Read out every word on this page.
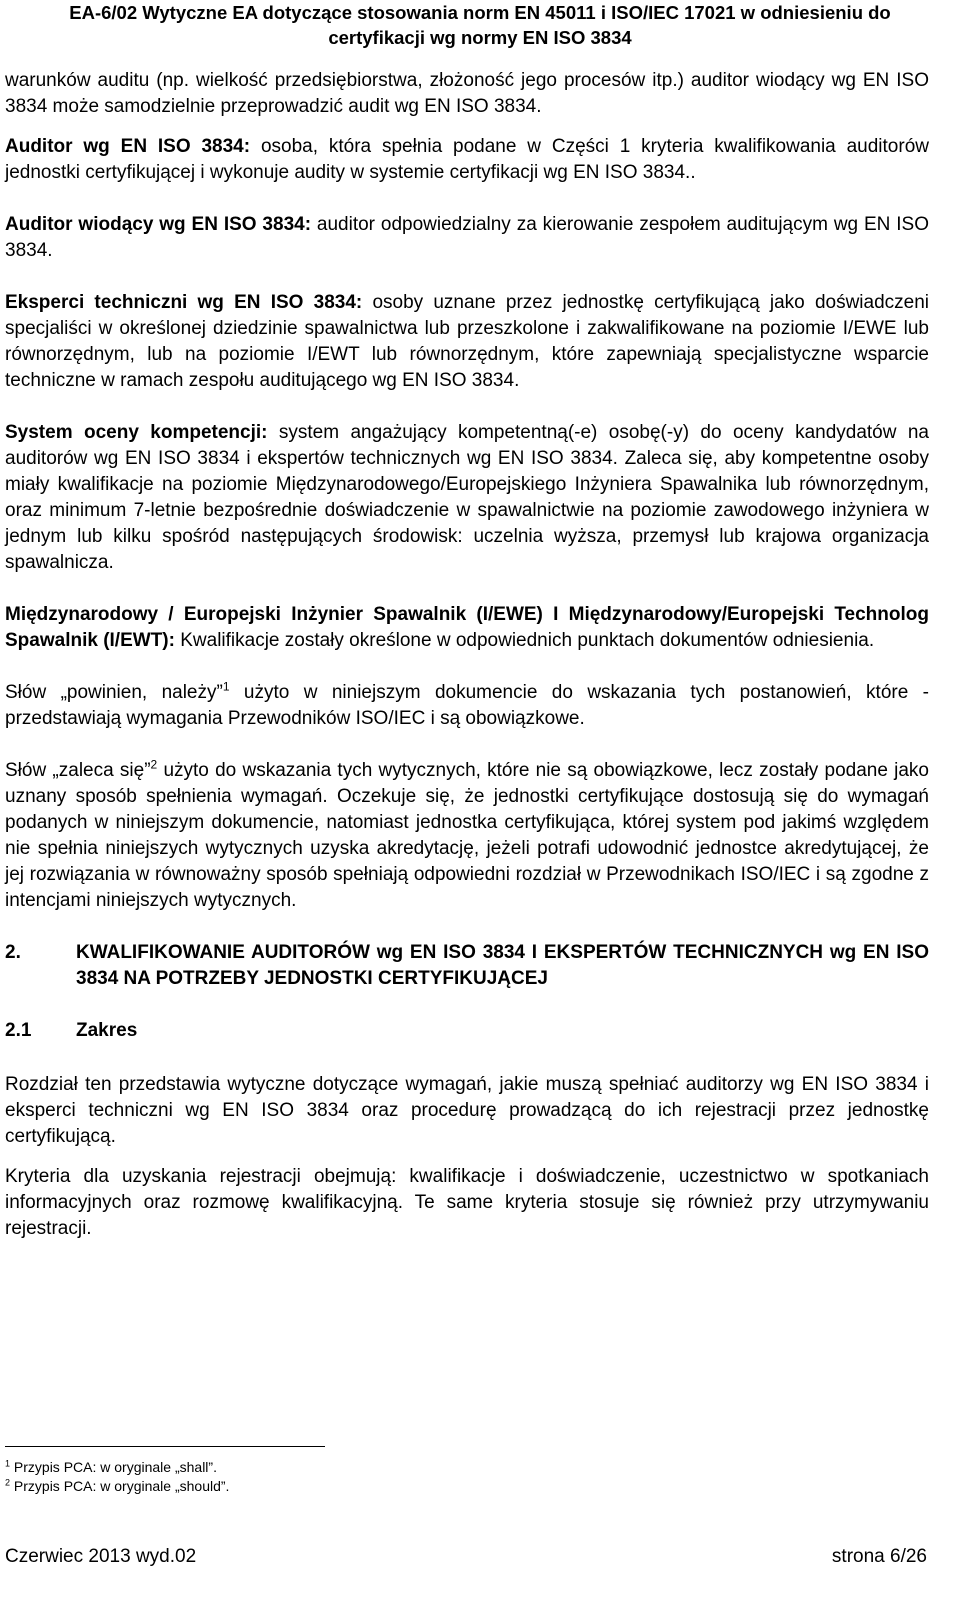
EA-6/02 Wytyczne EA dotyczące stosowania norm EN 45011 i ISO/IEC 17021 w odniesieniu do
certyfikacji wg normy EN ISO 3834

warunków auditu (np. wielkość przedsiębiorstwa, złożoność jego procesów itp.) auditor wiodący wg EN ISO 3834 może samodzielnie przeprowadzić audit wg EN ISO 3834.

Auditor wg EN ISO 3834: osoba, która spełnia podane w Części 1 kryteria kwalifikowania auditorów jednostki certyfikującej i wykonuje audity w systemie certyfikacji wg EN ISO 3834..

Auditor wiodący wg EN ISO 3834: auditor odpowiedzialny za kierowanie zespołem auditującym wg EN ISO 3834.

Eksperci techniczni wg EN ISO 3834: osoby uznane przez jednostkę certyfikującą jako doświadczeni specjaliści w określonej dziedzinie spawalnictwa lub przeszkolone i zakwalifikowane na poziomie I/EWE lub równorzędnym, lub na poziomie I/EWT lub równorzędnym, które zapewniają specjalistyczne wsparcie techniczne w ramach zespołu auditującego wg EN ISO 3834.

System oceny kompetencji: system angażujący kompetentną(-e) osobę(-y) do oceny kandydatów na auditorów wg EN ISO 3834 i ekspertów technicznych wg EN ISO 3834. Zaleca się, aby kompetentne osoby miały kwalifikacje na poziomie Międzynarodowego/Europejskiego Inżyniera Spawalnika lub równorzędnym, oraz minimum 7-letnie bezpośrednie doświadczenie w spawalnictwie na poziomie zawodowego inżyniera w jednym lub kilku spośród następujących środowisk: uczelnia wyższa, przemysł lub krajowa organizacja spawalnicza.

Międzynarodowy / Europejski Inżynier Spawalnik (I/EWE) I Międzynarodowy/Europejski Technolog Spawalnik (I/EWT): Kwalifikacje zostały określone w odpowiednich punktach dokumentów odniesienia.

Słów „powinien, należy”$^1$ użyto w niniejszym dokumencie do wskazania tych postanowień, które - przedstawiają wymagania Przewodników ISO/IEC i są obowiązkowe.

Słów „zaleca się”$^2$ użyto do wskazania tych wytycznych, które nie są obowiązkowe, lecz zostały podane jako uznany sposób spełnienia wymagań. Oczekuje się, że jednostki certyfikujące dostosują się do wymagań podanych w niniejszym dokumencie, natomiast jednostka certyfikująca, której system pod jakimś względem nie spełnia niniejszych wytycznych uzyska akredytację, jeżeli potrafi udowodnić jednostce akredytującej, że jej rozwiązania w równoważny sposób spełniają odpowiedni rozdział w Przewodnikach ISO/IEC i są zgodne z intencjami niniejszych wytycznych.

2.	KWALIFIKOWANIE AUDITORÓW wg EN ISO 3834 I EKSPERTÓW TECHNICZNYCH wg EN ISO 3834 NA POTRZEBY JEDNOSTKI CERTYFIKUJĄCEJ
2.1	Zakres

Rozdział ten przedstawia wytyczne dotyczące wymagań, jakie muszą spełniać auditorzy wg EN ISO 3834 i eksperci techniczni wg EN ISO 3834 oraz procedurę prowadzącą do ich rejestracji przez jednostkę certyfikującą.

Kryteria dla uzyskania rejestracji obejmują: kwalifikacje i doświadczenie, uczestnictwo w spotkaniach informacyjnych oraz rozmowę kwalifikacyjną. Te same kryteria stosuje się również przy utrzymywaniu rejestracji.

$^1$ Przypis PCA: w oryginale „shall”.
$^2$ Przypis PCA: w oryginale „should”.
Czerwiec 2013 wyd.02	strona 6/26
